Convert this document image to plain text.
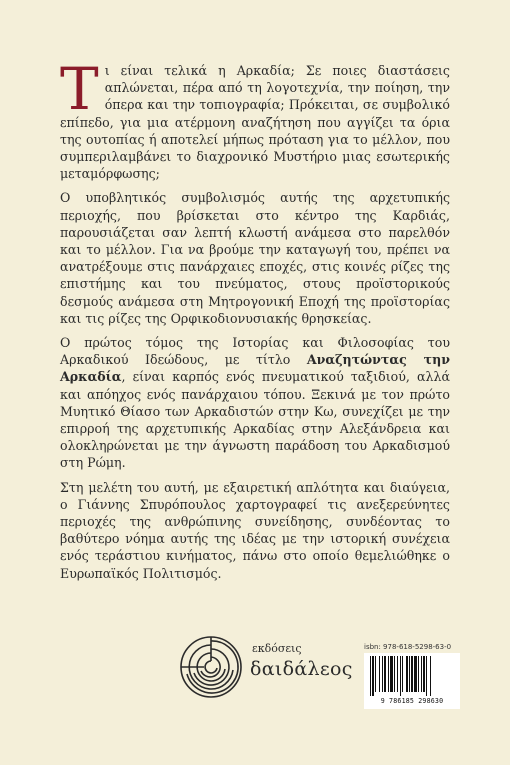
Τι είναι τελικά η Αρκαδία; Σε ποιες διαστάσεις απλώνεται, πέρα από τη λογοτεχνία, την ποίηση, την όπερα και την τοπιογραφία; Πρόκειται, σε συμβολικό επίπεδο, για μια ατέρμονη αναζήτηση που αγγίζει τα όρια της ουτοπίας ή αποτελεί μήπως πρόταση για το μέλλον, που συμπεριλαμβάνει το διαχρονικό Μυστήριο μιας εσωτερικής μεταμόρφωσης;

Ο υποβλητικός συμβολισμός αυτής της αρχετυπικής περιοχής, που βρίσκεται στο κέντρο της Καρδιάς, παρουσιάζεται σαν λεπτή κλωστή ανάμεσα στο παρελθόν και το μέλλον. Για να βρούμε την καταγωγή του, πρέπει να ανατρέξουμε στις πανάρχαιες εποχές, στις κοινές ρίζες της επιστήμης και του πνεύματος, στους προϊστορικούς δεσμούς ανάμεσα στη Μητρογονική Εποχή της προϊστορίας και τις ρίζες της Ορφικοδιονυσιακής θρησκείας.

Ο πρώτος τόμος της Ιστορίας και Φιλοσοφίας του Αρκαδικού Ιδεώδους, με τίτλο Αναζητώντας την Αρκαδία, είναι καρπός ενός πνευματικού ταξιδιού, αλλά και απόηχος ενός πανάρχαιου τόπου. Ξεκινά με τον πρώτο Μυητικό Θίασο των Αρκαδιστών στην Κω, συνεχίζει με την επιρροή της αρχετυπικής Αρκαδίας στην Αλεξάνδρεια και ολοκληρώνεται με την άγνωστη παράδοση του Αρκαδισμού στη Ρώμη.

Στη μελέτη του αυτή, με εξαιρετική απλότητα και διαύγεια, ο Γιάννης Σπυρόπουλος χαρτογραφεί τις ανεξερεύνητες περιοχές της ανθρώπινης συνείδησης, συνδέοντας το βαθύτερο νόημα αυτής της ιδέας με την ιστορική συνέχεια ενός τεράστιου κινήματος, πάνω στο οποίο θεμελιώθηκε ο Ευρωπαϊκός Πολιτισμός.

εκδόσεις
δαιδάλεος
isbn: 978-618-5298-63-0
9 786185 298630
